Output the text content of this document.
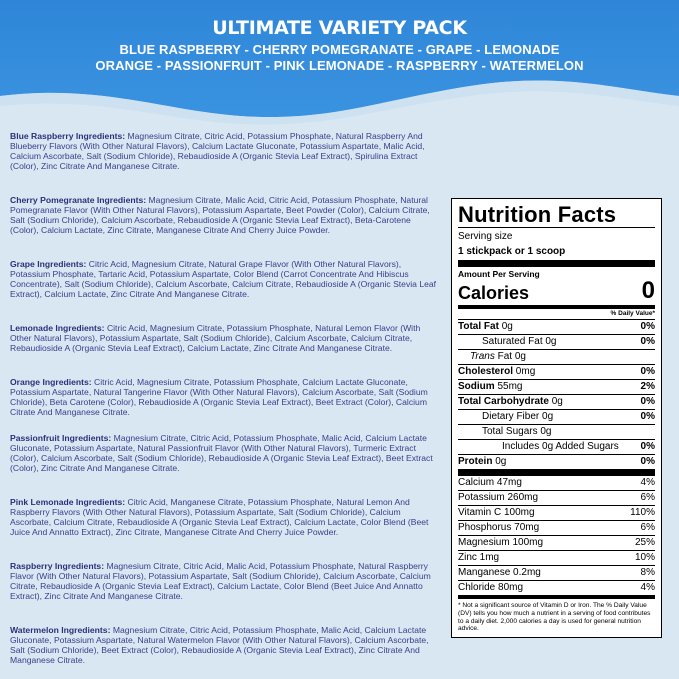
ULTIMATE VARIETY PACK
BLUE RASPBERRY - CHERRY POMEGRANATE - GRAPE - LEMONADE
ORANGE - PASSIONFRUIT - PINK LEMONADE - RASPBERRY - WATERMELON

Blue Raspberry Ingredients: Magnesium Citrate, Citric Acid, Potassium Phosphate, Natural Raspberry And Blueberry Flavors (With Other Natural Flavors), Calcium Lactate Gluconate, Potassium Aspartate, Malic Acid, Calcium Ascorbate, Salt (Sodium Chloride), Rebaudioside A (Organic Stevia Leaf Extract), Spirulina Extract (Color), Zinc Citrate And Manganese Citrate.

Cherry Pomegranate Ingredients: Magnesium Citrate, Malic Acid, Citric Acid, Potassium Phosphate, Natural Pomegranate Flavor (With Other Natural Flavors), Potassium Aspartate, Beet Powder (Color), Calcium Citrate, Salt (Sodium Chloride), Calcium Ascorbate, Rebaudioside A (Organic Stevia Leaf Extract), Beta-Carotene (Color), Calcium Lactate, Zinc Citrate, Manganese Citrate And Cherry Juice Powder.

Grape Ingredients: Citric Acid, Magnesium Citrate, Natural Grape Flavor (With Other Natural Flavors), Potassium Phosphate, Tartaric Acid, Potassium Aspartate, Color Blend (Carrot Concentrate And Hibiscus Concentrate), Salt (Sodium Chloride), Calcium Ascorbate, Calcium Citrate, Rebaudioside A (Organic Stevia Leaf Extract), Calcium Lactate, Zinc Citrate And Manganese Citrate.

Lemonade Ingredients: Citric Acid, Magnesium Citrate, Potassium Phosphate, Natural Lemon Flavor (With Other Natural Flavors), Potassium Aspartate, Salt (Sodium Chloride), Calcium Ascorbate, Calcium Citrate, Rebaudioside A (Organic Stevia Leaf Extract), Calcium Lactate, Zinc Citrate And Manganese Citrate.

Orange Ingredients: Citric Acid, Magnesium Citrate, Potassium Phosphate, Calcium Lactate Gluconate, Potassium Aspartate, Natural Tangerine Flavor (With Other Natural Flavors), Calcium Ascorbate, Salt (Sodium Chloride), Beta Carotene (Color), Rebaudioside A (Organic Stevia Leaf Extract), Beet Extract (Color), Calcium Citrate And Manganese Citrate.

Passionfruit Ingredients: Magnesium Citrate, Citric Acid, Potassium Phosphate, Malic Acid, Calcium Lactate Gluconate, Potassium Aspartate, Natural Passionfruit Flavor (With Other Natural Flavors), Turmeric Extract (Color), Calcium Ascorbate, Salt (Sodium Chloride), Rebaudioside A (Organic Stevia Leaf Extract), Beet Extract (Color), Zinc Citrate And Manganese Citrate.

Pink Lemonade Ingredients: Citric Acid, Manganese Citrate, Potassium Phosphate, Natural Lemon And Raspberry Flavors (With Other Natural Flavors), Potassium Aspartate, Salt (Sodium Chloride), Calcium Ascorbate, Calcium Citrate, Rebaudioside A (Organic Stevia Leaf Extract), Calcium Lactate, Color Blend (Beet Juice And Annatto Extract), Zinc Citrate, Manganese Citrate And Cherry Juice Powder.

Raspberry Ingredients: Magnesium Citrate, Citric Acid, Malic Acid, Potassium Phosphate, Natural Raspberry Flavor (With Other Natural Flavors), Potassium Aspartate, Salt (Sodium Chloride), Calcium Ascorbate, Calcium Citrate, Rebaudioside A (Organic Stevia Leaf Extract), Calcium Lactate, Color Blend (Beet Juice And Annatto Extract), Zinc Citrate And Manganese Citrate.

Watermelon Ingredients: Magnesium Citrate, Citric Acid, Potassium Phosphate, Malic Acid, Calcium Lactate Gluconate, Potassium Aspartate, Natural Watermelon Flavor (With Other Natural Flavors), Calcium Ascorbate, Salt (Sodium Chloride), Beet Extract (Color), Rebaudioside A (Organic Stevia Leaf Extract), Zinc Citrate And Manganese Citrate.

Nutrition Facts

Serving size
1 stickpack or 1 scoop
Amount Per Serving
Calories	0
% Daily Value*
Total Fat 0g	0%
Saturated Fat 0g	0%
Trans Fat 0g
Cholesterol 0mg	0%
Sodium 55mg	2%
Total Carbohydrate 0g	0%
Dietary Fiber 0g	0%
Total Sugars 0g
Includes 0g Added Sugars 0%
Protein 0g	0%
Calcium 47mg	4%
Potassium 260mg	6%
Vitamin C 100mg	110%
Phosphorus 70mg	6%
Magnesium 100mg	25%
Zinc 1mg	10%
Manganese 0.2mg	8%
Chloride 80mg	4%
* Not a significant source of Vitamin D or Iron. The % Daily Value (DV) tells you how much a nutrient in a serving of food contributes to a daily diet. 2,000 calories a day is used for general nutrition advice.
